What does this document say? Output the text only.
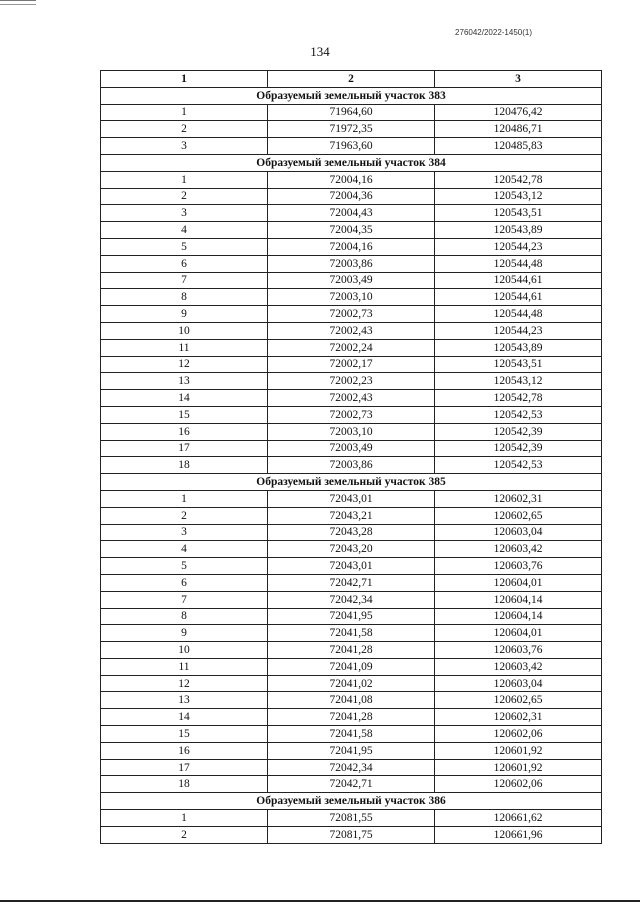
276042/2022-1450(1)
134
1	2	3
Образуемый земельный участок 383		
1	71964,60	120476,42
2	71972,35	120486,71
3	71963,60	120485,83
Образуемый земельный участок 384		
1	72004,16	120542,78
2	72004,36	120543,12
3	72004,43	120543,51
4	72004,35	120543,89
5	72004,16	120544,23
6	72003,86	120544,48
7	72003,49	120544,61
8	72003,10	120544,61
9	72002,73	120544,48
10	72002,43	120544,23
11	72002,24	120543,89
12	72002,17	120543,51
13	72002,23	120543,12
14	72002,43	120542,78
15	72002,73	120542,53
16	72003,10	120542,39
17	72003,49	120542,39
18	72003,86	120542,53
Образуемый земельный участок 385		
1	72043,01	120602,31
2	72043,21	120602,65
3	72043,28	120603,04
4	72043,20	120603,42
5	72043,01	120603,76
6	72042,71	120604,01
7	72042,34	120604,14
8	72041,95	120604,14
9	72041,58	120604,01
10	72041,28	120603,76
11	72041,09	120603,42
12	72041,02	120603,04
13	72041,08	120602,65
14	72041,28	120602,31
15	72041,58	120602,06
16	72041,95	120601,92
17	72042,34	120601,92
18	72042,71	120602,06
Образуемый земельный участок 386		
1	72081,55	120661,62
2	72081,75	120661,96
